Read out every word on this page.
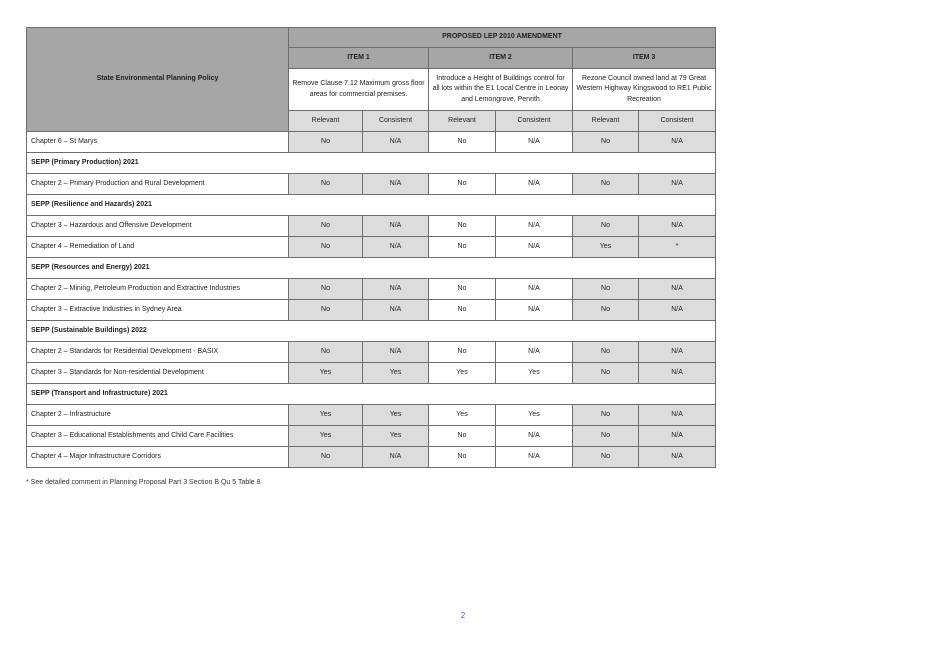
State Environmental Planning Policy	PROPOSED LEP 2010 AMENDMENT					
	ITEM 1		ITEM 2		ITEM 3	
	Remove Clause 7.12 Maximum gross floor areas for commercial premises.		Introduce a Height of Buildings control for all lots within the E1 Local Centre in Leonay and Lemongrove, Penrith		Rezone Council owned land at 79 Great Western Highway Kingswood to RE1 Public Recreation	
	Relevant	Consistent	Relevant	Consistent	Relevant	Consistent
Chapter 6 – St Marys	No	N/A	No	N/A	No	N/A
SEPP (Primary Production) 2021						
Chapter 2 – Primary Production and Rural Development	No	N/A	No	N/A	No	N/A
SEPP (Resilience and Hazards) 2021						
Chapter 3 – Hazardous and Offensive Development	No	N/A	No	N/A	No	N/A
Chapter 4 – Remediation of Land	No	N/A	No	N/A	Yes	*
SEPP (Resources and Energy) 2021						
Chapter 2 – Mining, Petroleum Production and Extractive Industries	No	N/A	No	N/A	No	N/A
Chapter 3 – Extractive Industries in Sydney Area	No	N/A	No	N/A	No	N/A
SEPP (Sustainable Buildings) 2022						
Chapter 2 – Standards for Residential Development - BASIX	No	N/A	No	N/A	No	N/A
Chapter 3 – Standards for Non-residential Development	Yes	Yes	Yes	Yes	No	N/A
SEPP (Transport and Infrastructure) 2021						
Chapter 2 – Infrastructure	Yes	Yes	Yes	Yes	No	N/A
Chapter 3 – Educational Establishments and Child Care Facilities	Yes	Yes	No	N/A	No	N/A
Chapter 4 – Major Infrastructure Corridors	No	N/A	No	N/A	No	N/A
* See detailed comment in Planning Proposal Part 3 Section B Qu 5 Table 8
2
